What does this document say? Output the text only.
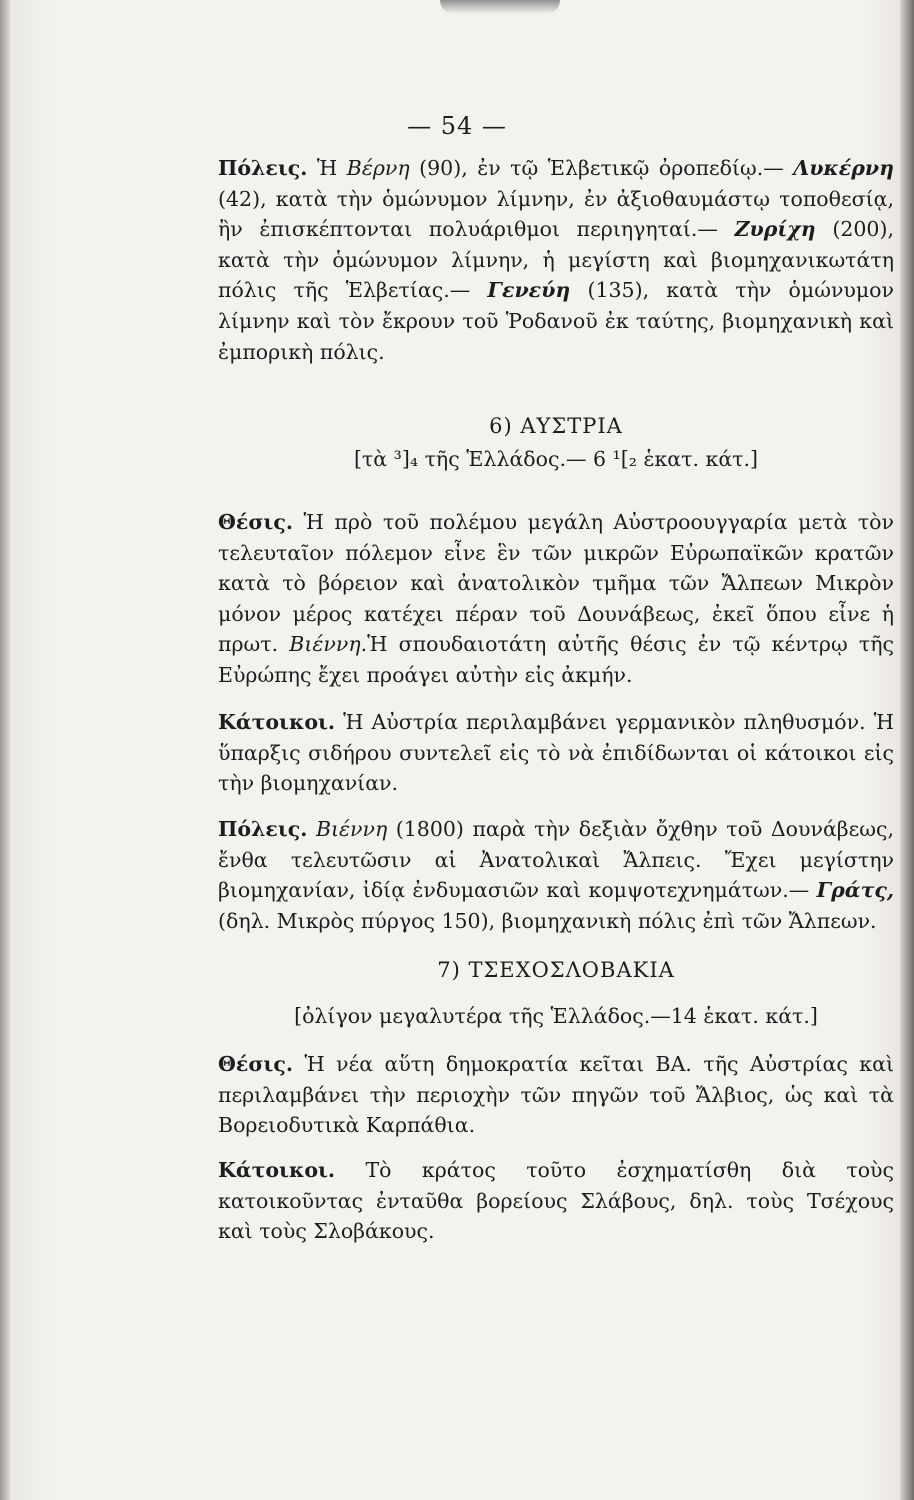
— 54 —

Πόλεις. Ἡ Βέρνη (90), ἐν τῷ Ἑλβετικῷ ὀροπεδίῳ.— Λυκέρνη (42), κατὰ τὴν ὁμώνυμον λίμνην, ἐν ἀξιοθαυμάστῳ τοποθεσίᾳ, ἣν ἐπισκέπτονται πολυάριθμοι περιηγηταί.— Ζυρίχη (200), κατὰ τὴν ὁμώνυμον λίμνην, ἡ μεγίστη καὶ βιομηχανικωτάτη πόλις τῆς Ἑλβετίας.— Γενεύη (135), κατὰ τὴν ὁμώνυμον λίμνην καὶ τὸν ἔκρουν τοῦ Ῥοδανοῦ ἐκ ταύτης, βιομηχανικὴ καὶ ἐμπορικὴ πόλις.

6) ΑΥΣΤΡΙΑ
[τὰ ³]₄ τῆς Ἑλλάδος.— 6 ¹[₂ ἑκατ. κάτ.]

Θέσις. Ἡ πρὸ τοῦ πολέμου μεγάλη Αὐστροουγγαρία μετὰ τὸν τελευταῖον πόλεμον εἶνε ἓν τῶν μικρῶν Εὐρωπαϊκῶν κρατῶν κατὰ τὸ βόρειον καὶ ἀνατολικὸν τμῆμα τῶν Ἄλπεων Μικρὸν μόνον μέρος κατέχει πέραν τοῦ Δουνάβεως, ἐκεῖ ὅπου εἶνε ἡ πρωτ. Βιέννη.Ἡ σπουδαιοτάτη αὐτῆς θέσις ἐν τῷ κέντρῳ τῆς Εὐρώπης ἔχει προάγει αὐτὴν εἰς ἀκμήν.

Κάτοικοι. Ἡ Αὐστρία περιλαμβάνει γερμανικὸν πληθυσμόν. Ἡ ὕπαρξις σιδήρου συντελεῖ εἰς τὸ νὰ ἐπιδίδωνται οἱ κάτοικοι εἰς τὴν βιομηχανίαν.

Πόλεις. Βιέννη (1800) παρὰ τὴν δεξιὰν ὄχθην τοῦ Δουνάβεως, ἔνθα τελευτῶσιν αἱ Ἀνατολικαὶ Ἄλπεις. Ἔχει μεγίστην βιομηχανίαν, ἰδίᾳ ἐνδυμασιῶν καὶ κομψοτεχνημάτων.— Γράτς, (δηλ. Μικρὸς πύργος 150), βιομηχανικὴ πόλις ἐπὶ τῶν Ἄλπεων.

7) ΤΣΕΧΟΣΛΟΒΑΚΙΑ
[ὀλίγον μεγαλυτέρα τῆς Ἑλλάδος.—14 ἑκατ. κάτ.]

Θέσις. Ἡ νέα αὕτη δημοκρατία κεῖται ΒΑ. τῆς Αὐστρίας καὶ περιλαμβάνει τὴν περιοχὴν τῶν πηγῶν τοῦ Ἄλβιος, ὡς καὶ τὰ Βορειοδυτικὰ Καρπάθια.

Κάτοικοι. Τὸ κράτος τοῦτο ἐσχηματίσθη διὰ τοὺς κατοικοῦντας ἐνταῦθα βορείους Σλάβους, δηλ. τοὺς Τσέχους καὶ τοὺς Σλοβάκους.
